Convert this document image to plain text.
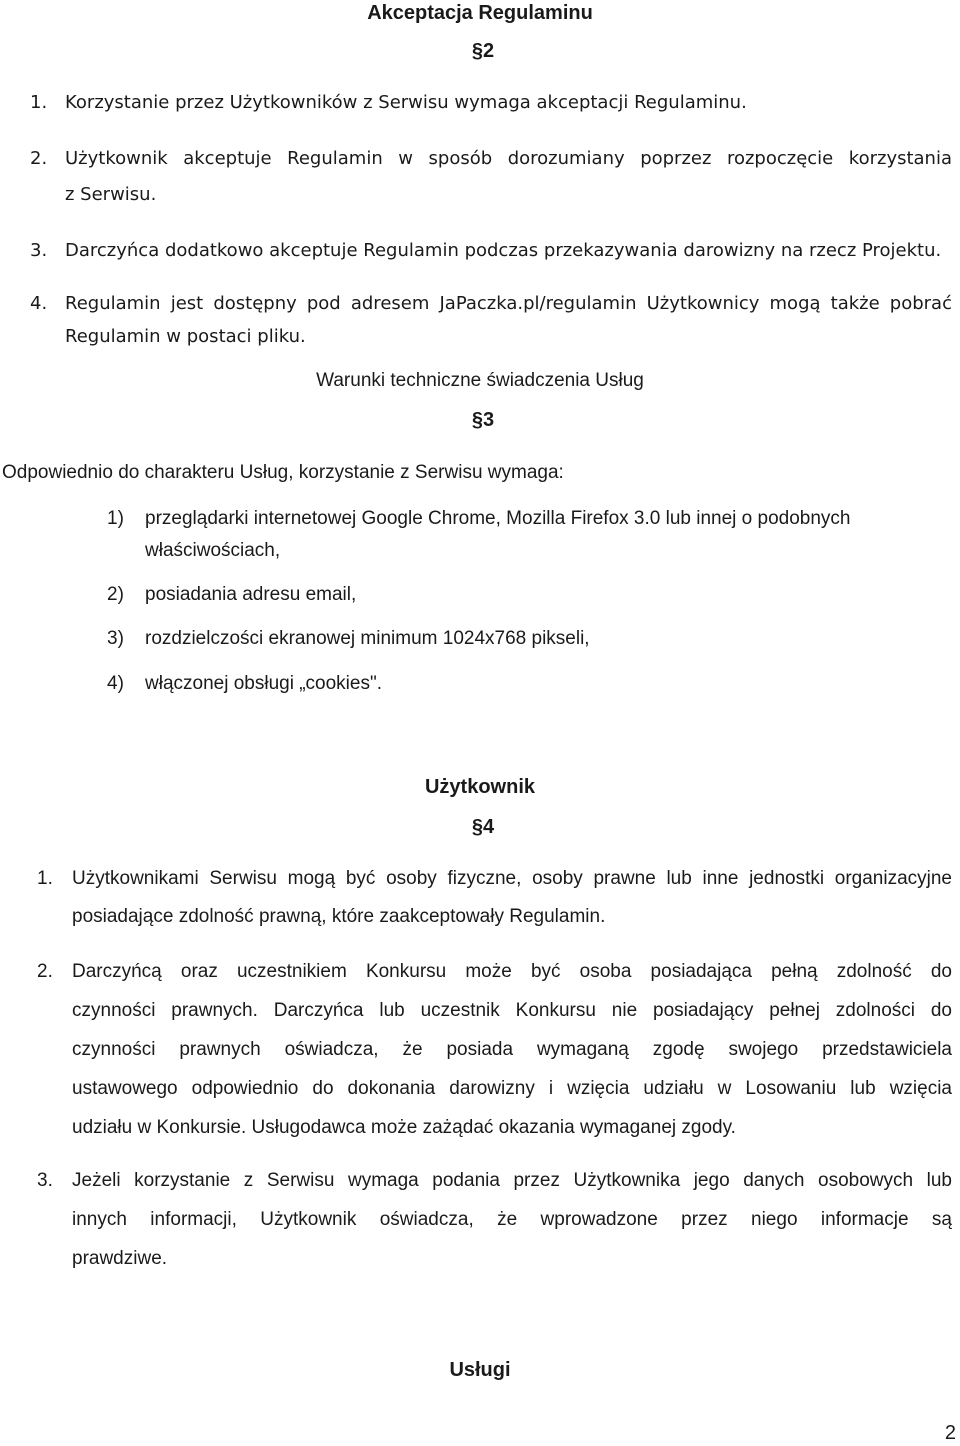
Akceptacja Regulaminu
§2
1. Korzystanie przez Użytkowników z Serwisu wymaga akceptacji Regulaminu.
2. Użytkownik akceptuje Regulamin w sposób dorozumiany poprzez rozpoczęcie korzystania
z Serwisu.
3. Darczyńca dodatkowo akceptuje Regulamin podczas przekazywania darowizny na rzecz Projektu.
4. Regulamin jest dostępny pod adresem JaPaczka.pl/regulamin Użytkownicy mogą także pobrać
Regulamin w postaci pliku.
Warunki techniczne świadczenia Usług
§3
Odpowiednio do charakteru Usług, korzystanie z Serwisu wymaga:
1) przeglądarki internetowej Google Chrome, Mozilla Firefox 3.0 lub innej o podobnych
właściwościach,
2) posiadania adresu email,
3) rozdzielczości ekranowej minimum 1024x768 pikseli,
4) włączonej obsługi „cookies".
Użytkownik
§4
1. Użytkownikami Serwisu mogą być osoby fizyczne, osoby prawne lub inne jednostki organizacyjne
posiadające zdolność prawną, które zaakceptowały Regulamin.
2. Darczyńcą oraz uczestnikiem Konkursu może być osoba posiadająca pełną zdolność do
czynności prawnych. Darczyńca lub uczestnik Konkursu nie posiadający pełnej zdolności do
czynności prawnych oświadcza, że posiada wymaganą zgodę swojego przedstawiciela
ustawowego odpowiednio do dokonania darowizny i wzięcia udziału w Losowaniu lub wzięcia
udziału w Konkursie. Usługodawca może zażądać okazania wymaganej zgody.
3. Jeżeli korzystanie z Serwisu wymaga podania przez Użytkownika jego danych osobowych lub
innych informacji, Użytkownik oświadcza, że wprowadzone przez niego informacje są
prawdziwe.
Usługi
2
